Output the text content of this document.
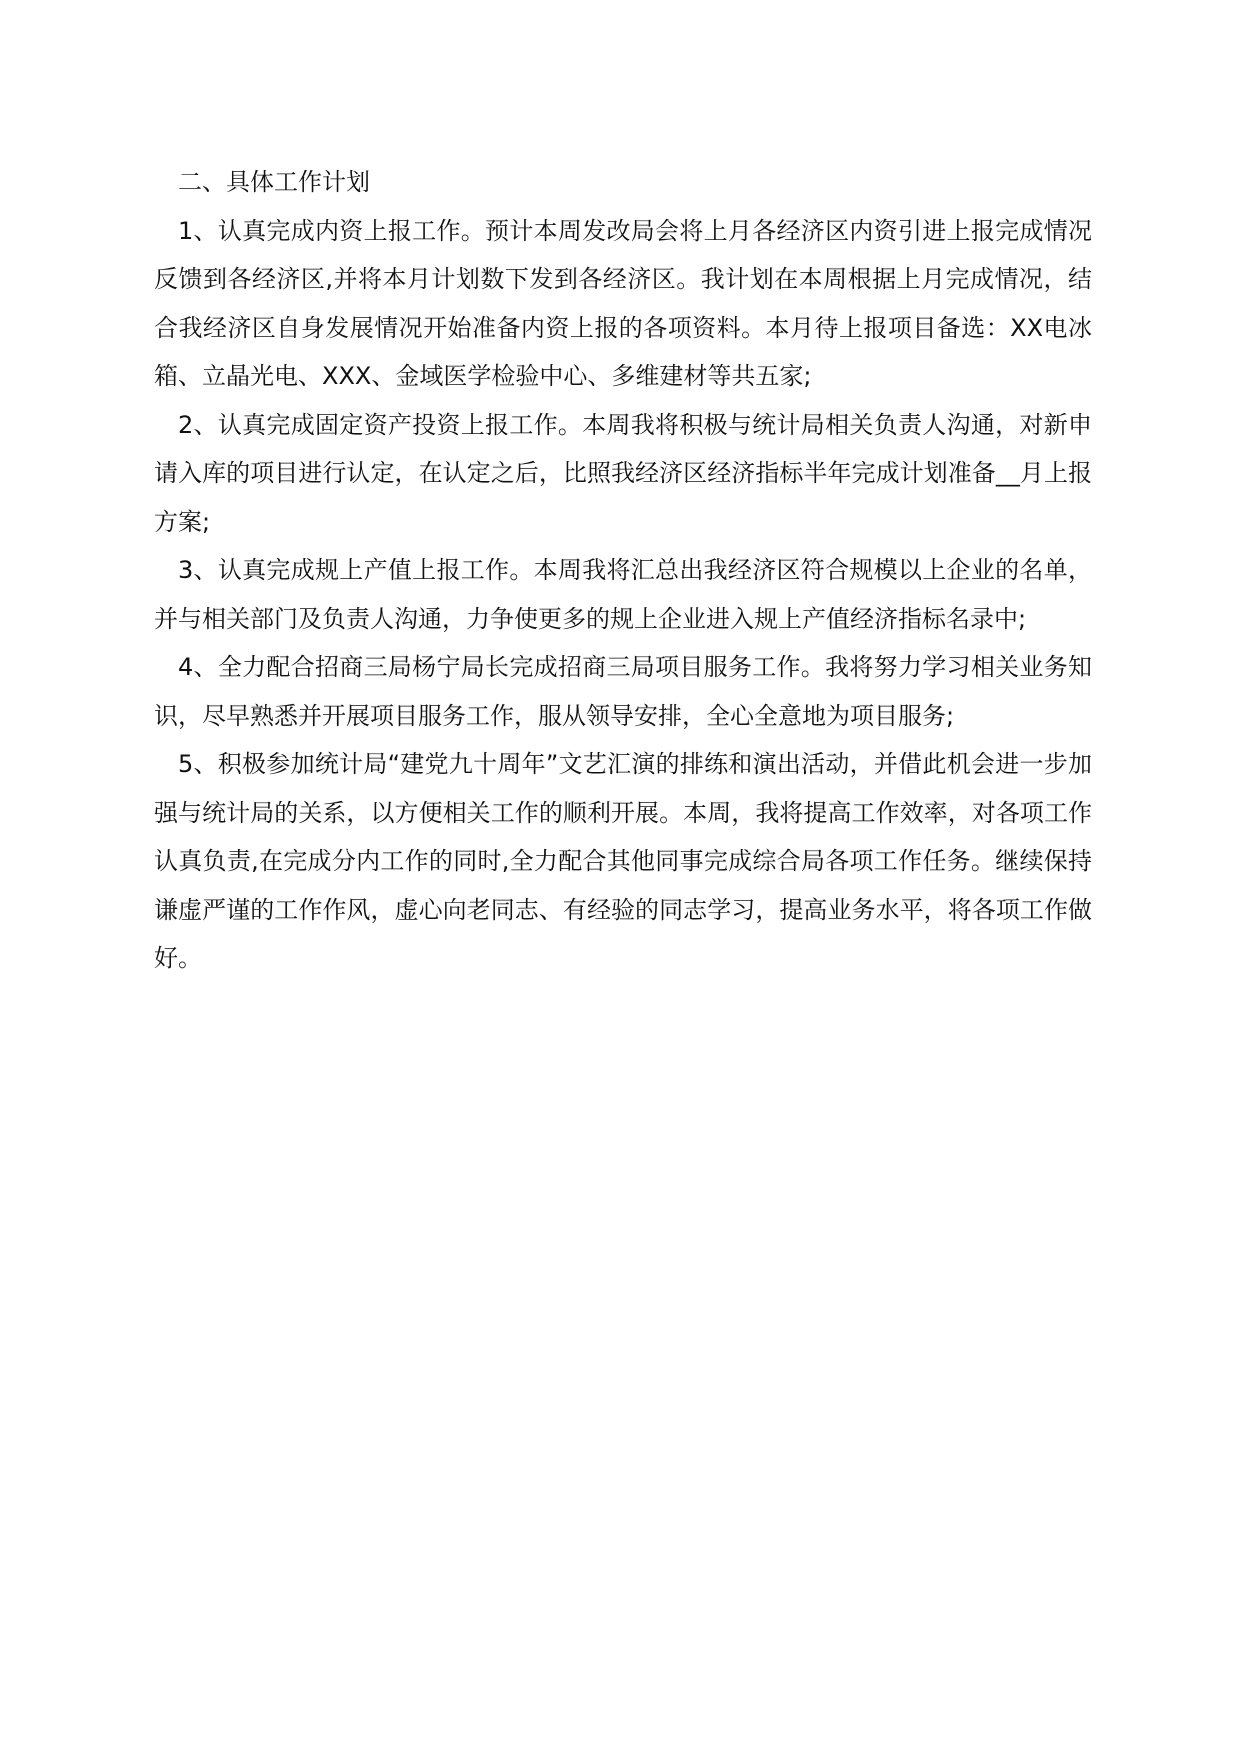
二、具体工作计划

1、认真完成内资上报工作。预计本周发改局会将上月各经济区内资引进上报完成情况反馈到各经济区,并将本月计划数下发到各经济区。我计划在本周根据上月完成情况，结合我经济区自身发展情况开始准备内资上报的各项资料。本月待上报项目备选：XX电冰箱、立晶光电、XXX、金域医学检验中心、多维建材等共五家;

2、认真完成固定资产投资上报工作。本周我将积极与统计局相关负责人沟通，对新申请入库的项目进行认定，在认定之后，比照我经济区经济指标半年完成计划准备__月上报方案;

3、认真完成规上产值上报工作。本周我将汇总出我经济区符合规模以上企业的名单，并与相关部门及负责人沟通，力争使更多的规上企业进入规上产值经济指标名录中;

4、全力配合招商三局杨宁局长完成招商三局项目服务工作。我将努力学习相关业务知识，尽早熟悉并开展项目服务工作，服从领导安排，全心全意地为项目服务;

5、积极参加统计局“建党九十周年”文艺汇演的排练和演出活动，并借此机会进一步加强与统计局的关系，以方便相关工作的顺利开展。本周，我将提高工作效率，对各项工作认真负责,在完成分内工作的同时,全力配合其他同事完成综合局各项工作任务。继续保持谦虚严谨的工作作风，虚心向老同志、有经验的同志学习，提高业务水平，将各项工作做好。
